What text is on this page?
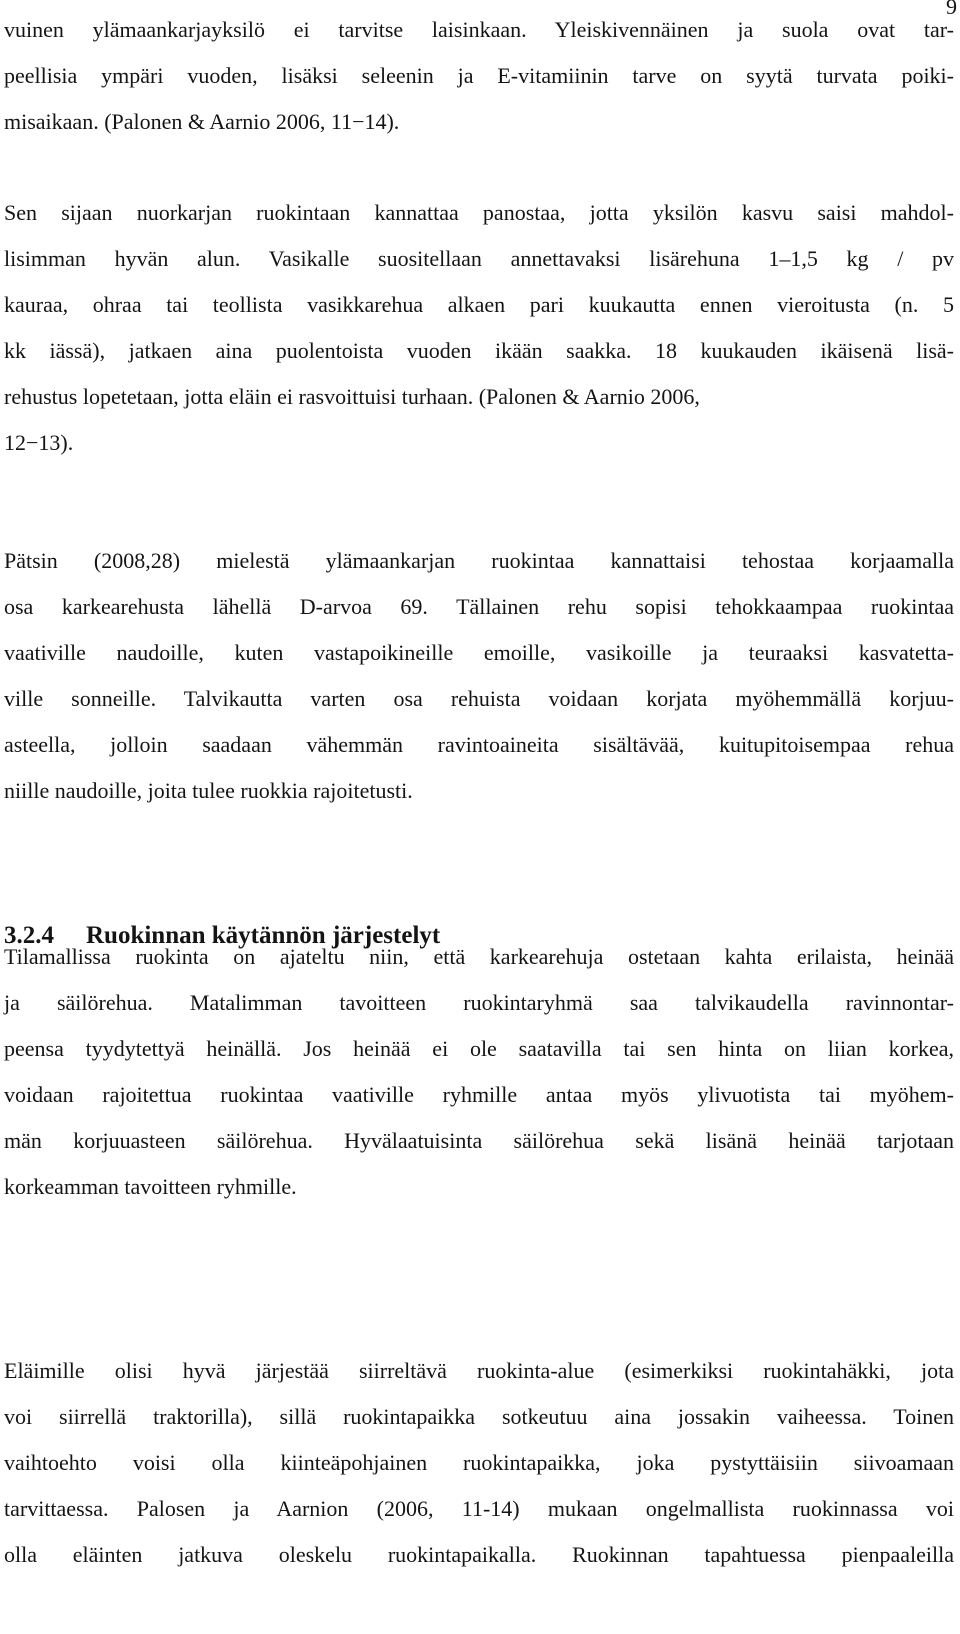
9

vuinen ylämaankarjayksilö ei tarvitse laisinkaan. Yleiskivennäinen ja suola ovat tar-
peellisia ympäri vuoden, lisäksi seleenin ja E-vitamiinin tarve on syytä turvata poiki-
misaikaan. (Palonen & Aarnio 2006, 11−14).

Sen sijaan nuorkarjan ruokintaan kannattaa panostaa, jotta yksilön kasvu saisi mahdol-
lisimman hyvän alun. Vasikalle suositellaan annettavaksi lisärehuna 1–1,5 kg / pv
kauraa, ohraa tai teollista vasikkarehua alkaen pari kuukautta ennen vieroitusta (n. 5
kk iässä), jatkaen aina puolentoista vuoden ikään saakka. 18 kuukauden ikäisenä lisä-
rehustus lopetetaan, jotta eläin ei rasvoittuisi turhaan. (Palonen & Aarnio 2006,
12−13).

Pätsin (2008,28) mielestä ylämaankarjan ruokintaa kannattaisi tehostaa korjaamalla
osa karkearehusta lähellä D-arvoa 69. Tällainen rehu sopisi tehokkaampaa ruokintaa
vaativille naudoille, kuten vastapoikineille emoille, vasikoille ja teuraaksi kasvatetta-
ville sonneille. Talvikautta varten osa rehuista voidaan korjata myöhemmällä korjuu-
asteella, jolloin saadaan vähemmän ravintoaineita sisältävää, kuitupitoisempaa rehua
niille naudoille, joita tulee ruokkia rajoitetusti.

3.2.4 Ruokinnan käytännön järjestelyt

Tilamallissa ruokinta on ajateltu niin, että karkearehuja ostetaan kahta erilaista, heinää
ja säilörehua. Matalimman tavoitteen ruokintaryhmä saa talvikaudella ravinnontar-
peensa tyydytettyä heinällä. Jos heinää ei ole saatavilla tai sen hinta on liian korkea,
voidaan rajoitettua ruokintaa vaativille ryhmille antaa myös ylivuotista tai myöhem-
män korjuuasteen säilörehua. Hyvälaatuisinta säilörehua sekä lisänä heinää tarjotaan
korkeamman tavoitteen ryhmille.

Eläimille olisi hyvä järjestää siirreltävä ruokinta-alue (esimerkiksi ruokintahäkki, jota
voi siirrellä traktorilla), sillä ruokintapaikka sotkeutuu aina jossakin vaiheessa. Toinen
vaihtoehto voisi olla kiinteäpohjainen ruokintapaikka, joka pystyttäisiin siivoamaan
tarvittaessa. Palosen ja Aarnion (2006, 11-14) mukaan ongelmallista ruokinnassa voi
olla eläinten jatkuva oleskelu ruokintapaikalla. Ruokinnan tapahtuessa pienpaaleilla
